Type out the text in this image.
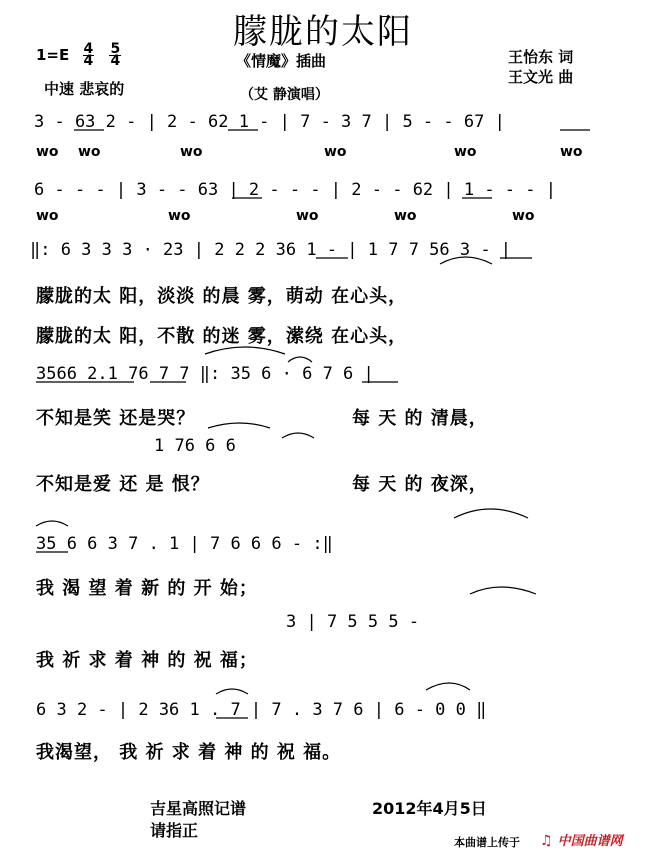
朦胧的太阳
$1=E \frac{4}{4}$
$\frac{5}{4}$	《情魔》插曲
中速 悲哀的	（艾 静演唱）
王怡东 词
王文光 曲
3 - 63 2 - | 2 - 62 1 - | 7 - 3 7 | 5 - - 67 |
wo wo	wo	wo	wo	wo
6 - - - | 3 - - 63 | 2 - - - | 2 - - 62 | 1 - - - |
wo	wo	wo	wo	wo
‖: 6 3 3 3 · 23 | 2 2 2 36 1 - | 1 7 7 56 3 - |
朦胧的太 阳，淡淡 的晨 雾，萌动 在心头，
朦胧的太 阳，不散 的迷 雾，潆绕 在心头，
3566 2.1 76 7 7 ‖: 35 6 · 6 7 6 |
不知是笑 还是哭？	每 天 的 清晨，
1 76 6 6
不知是爱 还 是 恨？	每 天 的 夜深，
35 6 6 3 7 . 1 | 7 6 6 6 - :‖
我 渴 望 着 新 的 开 始；
3 | 7 5 5 5 -
我 祈 求 着 神 的 祝 福；
6 3 2 - | 2 36 1 . 7 | 7 . 3 7 6 | 6 - 0 0 ‖
我渴望， 我 祈 求 着 神 的 祝 福。
吉星高照记谱
请指正
2012年4月5日
本曲谱上传于 ♫ 中国曲谱网
